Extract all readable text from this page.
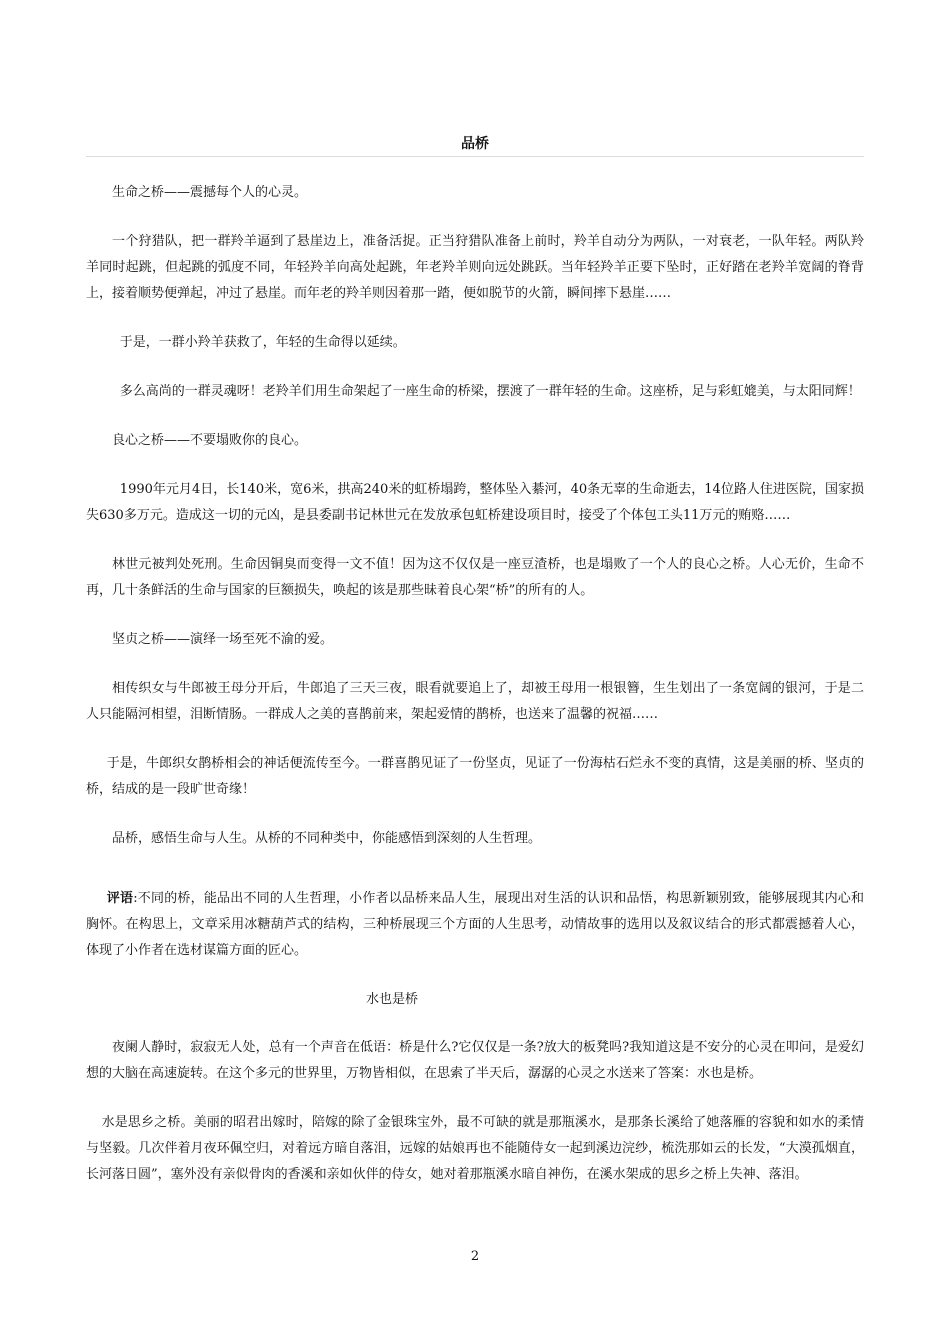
品桥

生命之桥——震撼每个人的心灵。

一个狩猎队，把一群羚羊逼到了悬崖边上，准备活捉。正当狩猎队准备上前时，羚羊自动分为两队，一对衰老，一队年轻。两队羚羊同时起跳，但起跳的弧度不同，年轻羚羊向高处起跳，年老羚羊则向远处跳跃。当年轻羚羊正要下坠时，正好踏在老羚羊宽阔的脊背上，接着顺势便弹起，冲过了悬崖。而年老的羚羊则因着那一踏，便如脱节的火箭，瞬间摔下悬崖……

于是，一群小羚羊获救了，年轻的生命得以延续。

多么高尚的一群灵魂呀！老羚羊们用生命架起了一座生命的桥梁，摆渡了一群年轻的生命。这座桥，足与彩虹媲美，与太阳同辉！

良心之桥——不要塌败你的良心。

1990年元月4日，长140米，宽6米，拱高240米的虹桥塌跨，整体坠入綦河，40条无辜的生命逝去，14位路人住进医院，国家损失630多万元。造成这一切的元凶，是县委副书记林世元在发放承包虹桥建设项目时，接受了个体包工头11万元的贿赂……

林世元被判处死刑。生命因铜臭而变得一文不值！因为这不仅仅是一座豆渣桥，也是塌败了一个人的良心之桥。人心无价，生命不再，几十条鲜活的生命与国家的巨额损失，唤起的该是那些昧着良心架“桥”的所有的人。

坚贞之桥——演绎一场至死不渝的爱。

相传织女与牛郎被王母分开后，牛郎追了三天三夜，眼看就要追上了，却被王母用一根银簪，生生划出了一条宽阔的银河，于是二人只能隔河相望，泪断情肠。一群成人之美的喜鹊前来，架起爱情的鹊桥，也送来了温馨的祝福……

于是，牛郎织女鹊桥相会的神话便流传至今。一群喜鹊见证了一份坚贞，见证了一份海枯石烂永不变的真情，这是美丽的桥、坚贞的桥，结成的是一段旷世奇缘！

品桥，感悟生命与人生。从桥的不同种类中，你能感悟到深刻的人生哲理。

评语:不同的桥，能品出不同的人生哲理，小作者以品桥来品人生，展现出对生活的认识和品悟，构思新颖别致，能够展现其内心和胸怀。在构思上，文章采用冰糖葫芦式的结构，三种桥展现三个方面的人生思考，动情故事的选用以及叙议结合的形式都震撼着人心，体现了小作者在选材谋篇方面的匠心。

水也是桥

夜阑人静时，寂寂无人处，总有一个声音在低语：桥是什么?它仅仅是一条?放大的板凳吗?我知道这是不安分的心灵在叩问，是爱幻想的大脑在高速旋转。在这个多元的世界里，万物皆相似，在思索了半天后，潺潺的心灵之水送来了答案：水也是桥。

水是思乡之桥。美丽的昭君出嫁时，陪嫁的除了金银珠宝外，最不可缺的就是那瓶溪水，是那条长溪给了她落雁的容貌和如水的柔情与坚毅。几次伴着月夜环佩空归，对着远方暗自落泪，远嫁的姑娘再也不能随侍女一起到溪边浣纱，梳洗那如云的长发，“大漠孤烟直，长河落日圆”，塞外没有亲似骨肉的香溪和亲如伙伴的侍女，她对着那瓶溪水暗自神伤，在溪水架成的思乡之桥上失神、落泪。

2
